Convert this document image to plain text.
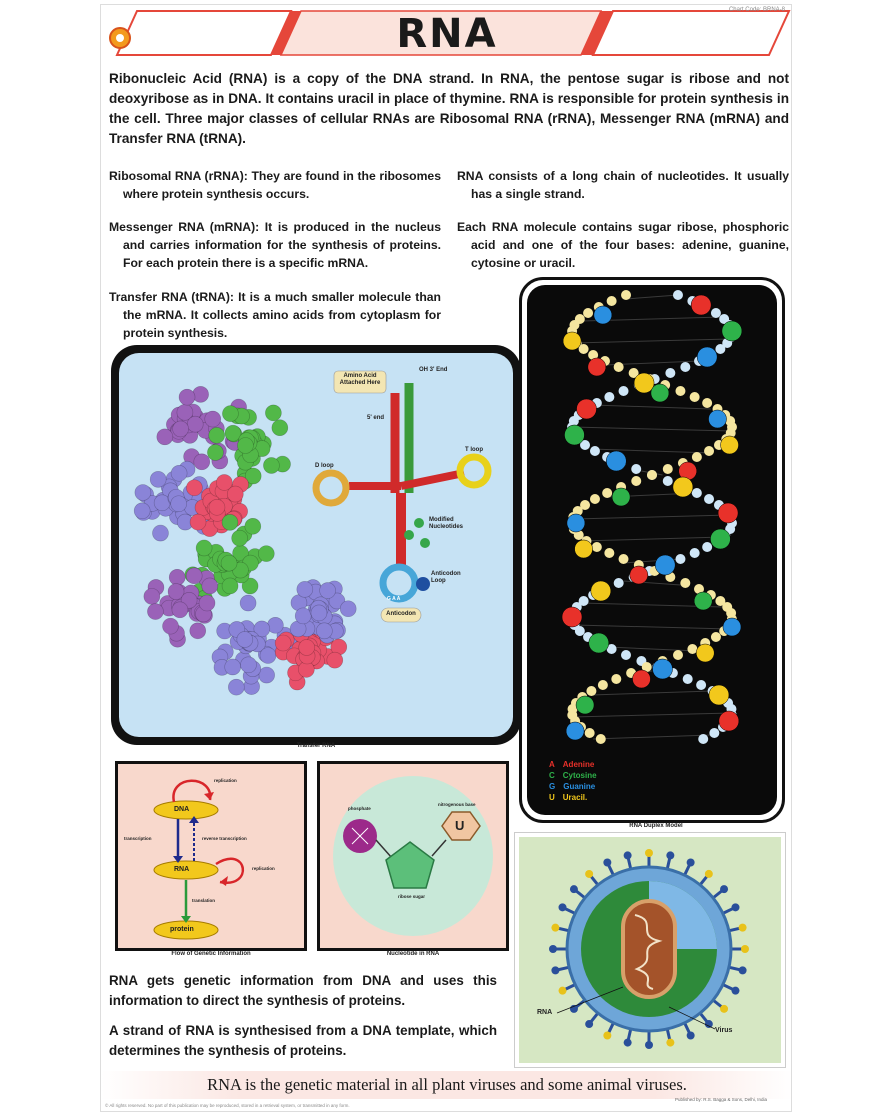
RNA
Chart Code: BRNA-8
Ribonucleic Acid (RNA) is a copy of the DNA strand. In RNA, the pentose sugar is ribose and not deoxyribose as in DNA. It contains uracil in place of thymine. RNA is responsible for protein synthesis in the cell. Three major classes of cellular RNAs are Ribosomal RNA (rRNA), Messenger RNA (mRNA) and Transfer RNA (tRNA).
Ribosomal RNA (rRNA): They are found in the ribosomes where protein synthesis occurs.
Messenger RNA (mRNA): It is produced in the nucleus and carries information for the synthesis of proteins. For each protein there is a specific mRNA.
Transfer RNA (tRNA): It is a much smaller molecule than the mRNA. It collects amino acids from cytoplasm for protein synthesis.
RNA consists of a long chain of nucleotides. It usually has a single strand.
Each RNA molecule contains sugar ribose, phosphoric acid and one of the four bases: adenine, guanine, cytosine or uracil.
Amino Acid Attached Here
OH 3' End
5' end
D loop
T loop
Modified Nucleotides
Anticodon Loop
G A A
Anticodon
Transfer RNA
A Adenine
C Cytosine
G Guanine
U Uracil.
RNA Duplex Model
DNA
RNA
protein
replication
replication
transcription	reverse transcription
translation
Flow of Genetic Information
phosphate
nitrogenous base
U
ribose sugar
Nucleotide in RNA
RNA
Virus
RNA gets genetic information from DNA and uses this information to direct the synthesis of proteins.
A strand of RNA is synthesised from a DNA template, which determines the synthesis of proteins.
RNA is the genetic material in all plant viruses and some animal viruses.
© All rights reserved. No part of this publication may be reproduced, stored in a retrieval system, or transmitted in any form.
Published by: R.S. Bagga & Sons, Delhi, India
